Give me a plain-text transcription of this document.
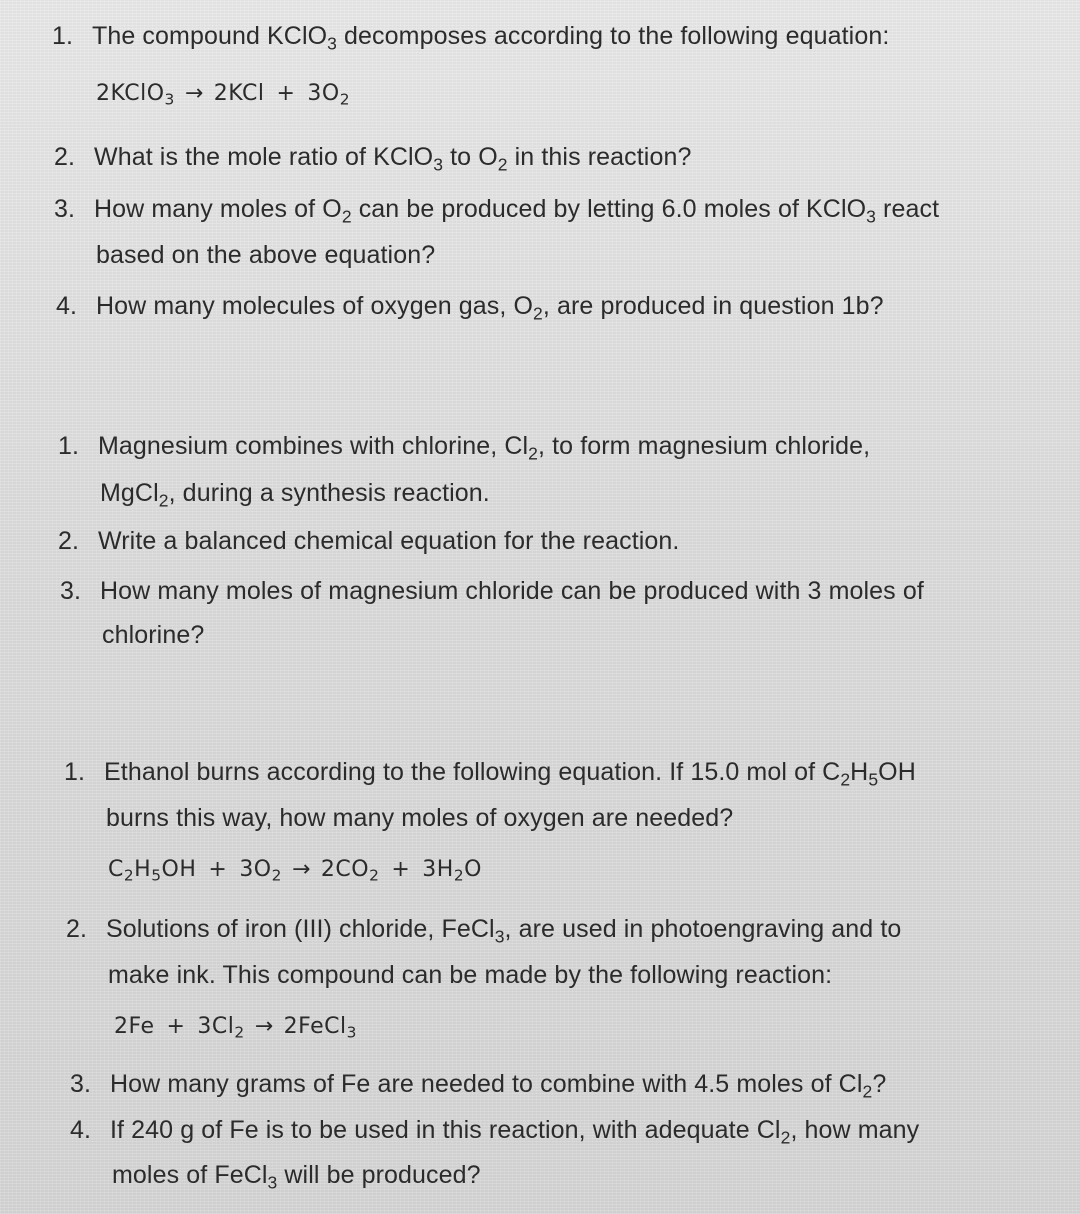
1. The compound KClO$_3$ decomposes according to the following equation:
2KClO$_3$ → $2KCl + 3O_2$
2. What is the mole ratio of KClO$_3$ to $O_2$ in this reaction?
3. How many moles of $O_2$ can be produced by letting 6.0 moles of KClO$_3$ react
based on the above equation?
4. How many molecules of oxygen gas, $O_2$, are produced in question 1b?
1. Magnesium combines with chlorine, $Cl_2$, to form magnesium chloride,
MgCl$_2$, during a synthesis reaction.
2. Write a balanced chemical equation for the reaction.
3. How many moles of magnesium chloride can be produced with 3 moles of
chlorine?
1. Ethanol burns according to the following equation. If 15.0 mol of $C_2H_5OH$
burns this way, how many moles of oxygen are needed?
$C_2H_5OH + 3O_2 \to 2CO_2 + 3H_2O$
2. Solutions of iron (III) chloride, FeCl$_3$, are used in photoengraving and to
make ink. This compound can be made by the following reaction:
$2Fe + 3Cl_2$ → 2FeCl$_3$
3. How many grams of Fe are needed to combine with 4.5 moles of $Cl_2$?
4. If 240 g of Fe is to be used in this reaction, with adequate $Cl_2$, how many
moles of FeCl$_3$ will be produced?
